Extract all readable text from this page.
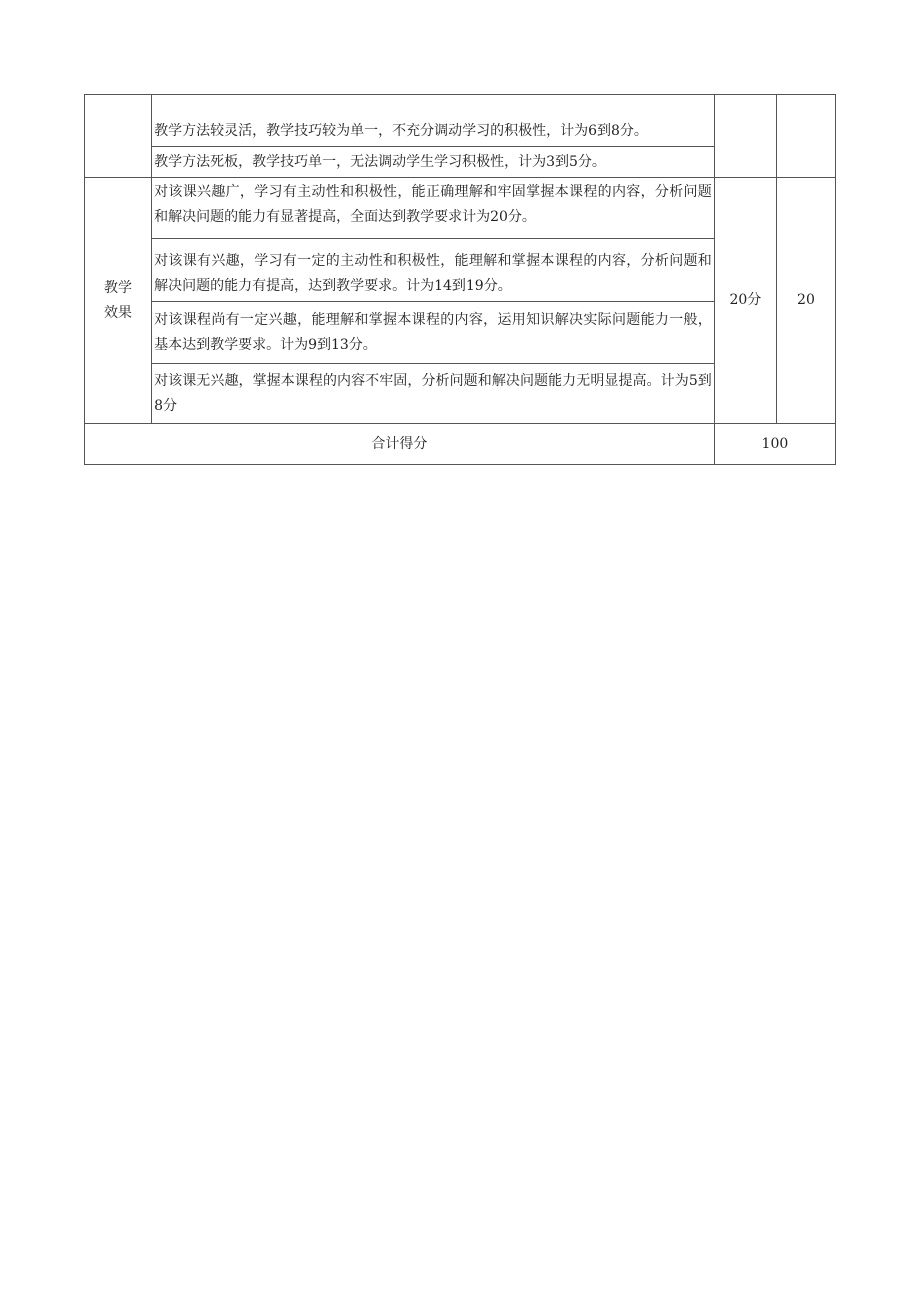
	教学方法较灵活，教学技巧较为单一，不充分调动学习的积极性，计为6到8分。		
	教学方法死板，教学技巧单一，无法调动学生学习积极性，计为3到5分。		

教学
效果	对该课兴趣广，学习有主动性和积极性，能正确理解和牢固掌握本课程的内容，分析问题和解决问题的能力有显著提高，全面达到教学要求计为20分。	20分	20
	对该课有兴趣，学习有一定的主动性和积极性，能理解和掌握本课程的内容，分析问题和解决问题的能力有提高，达到教学要求。计为14到19分。		
	对该课程尚有一定兴趣，能理解和掌握本课程的内容，运用知识解决实际问题能力一般，基本达到教学要求。计为9到13分。		
	对该课无兴趣，掌握本课程的内容不牢固，分析问题和解决问题能力无明显提高。计为5到8分		
合计得分		100	
